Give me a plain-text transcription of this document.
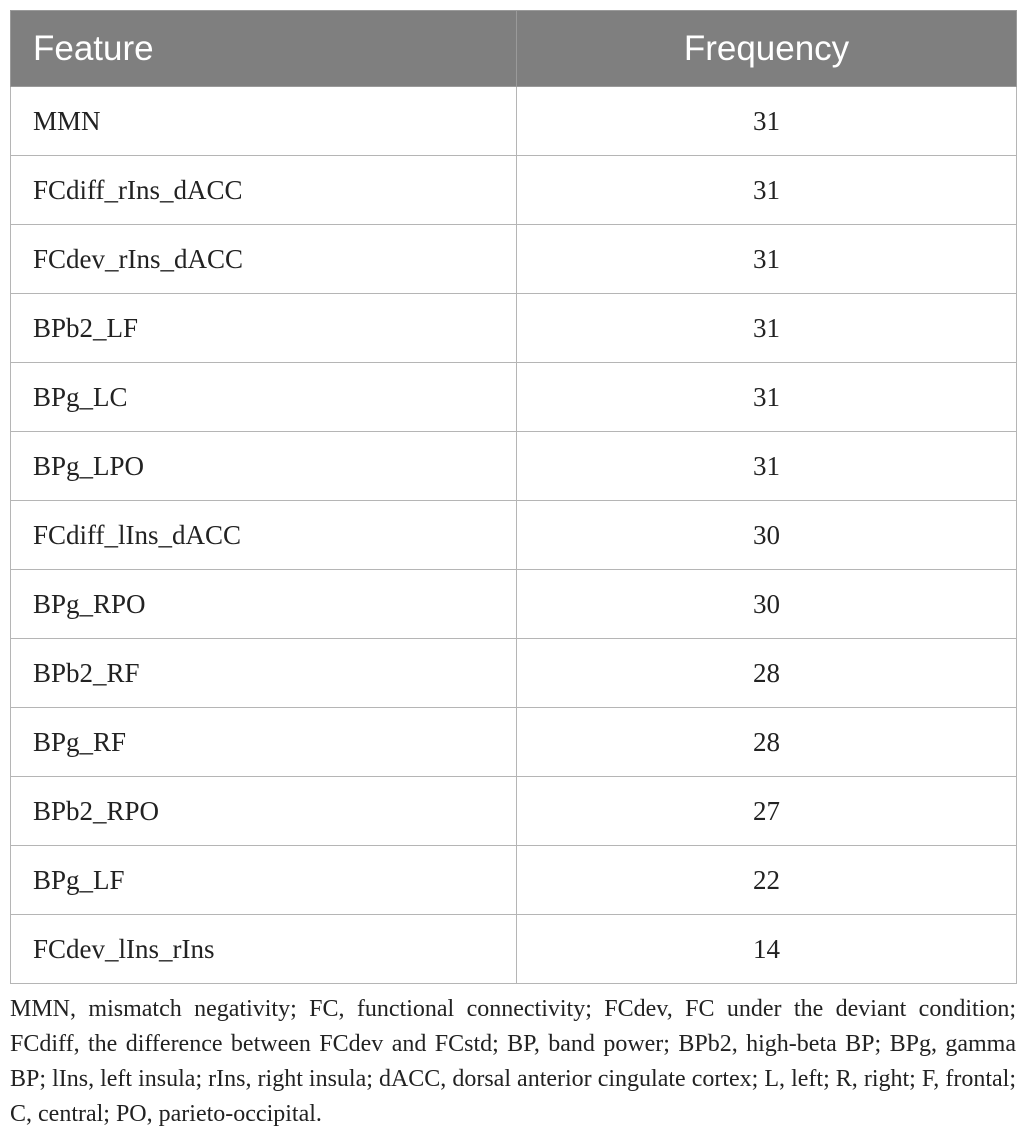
Feature	Frequency
MMN	31
FCdiff_rIns_dACC	31
FCdev_rIns_dACC	31
BPb2_LF	31
BPg_LC	31
BPg_LPO	31
FCdiff_lIns_dACC	30
BPg_RPO	30
BPb2_RF	28
BPg_RF	28
BPb2_RPO	27
BPg_LF	22
FCdev_lIns_rIns	14

MMN, mismatch negativity; FC, functional connectivity; FCdev, FC under the deviant condition; FCdiff, the difference between FCdev and FCstd; BP, band power; BPb2, high-beta BP; BPg, gamma BP; lIns, left insula; rIns, right insula; dACC, dorsal anterior cingulate cortex; L, left; R, right; F, frontal; C, central; PO, parieto-occipital.
